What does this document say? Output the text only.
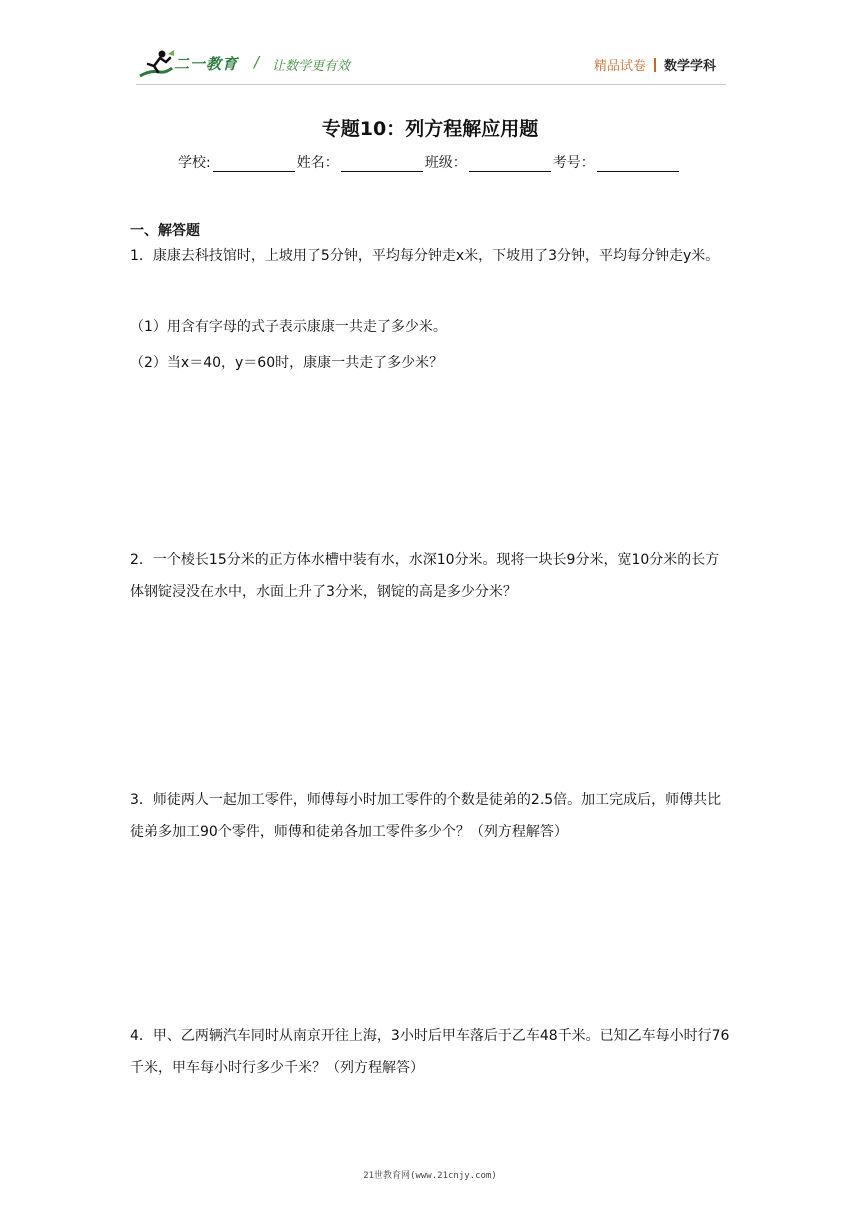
二一教育 / 让数学更有效	精品试卷 数学学科
专题10：列方程解应用题
学校:	姓名：	班级：	考号：
一、解答题
1．康康去科技馆时，上坡用了5分钟，平均每分钟走x米，下坡用了3分钟，平均每分钟走y米。
（1）用含有字母的式子表示康康一共走了多少米。
（2）当x＝40，y＝60时，康康一共走了多少米？
2．一个棱长15分米的正方体水槽中装有水，水深10分米。现将一块长9分米，宽10分米的长方体钢锭浸没在水中，水面上升了3分米，钢锭的高是多少分米？
3．师徒两人一起加工零件，师傅每小时加工零件的个数是徒弟的2.5倍。加工完成后，师傅共比徒弟多加工90个零件，师傅和徒弟各加工零件多少个？（列方程解答）
4．甲、乙两辆汽车同时从南京开往上海，3小时后甲车落后于乙车48千米。已知乙车每小时行76千米，甲车每小时行多少千米？（列方程解答）
21世教育网(www.21cnjy.com)
